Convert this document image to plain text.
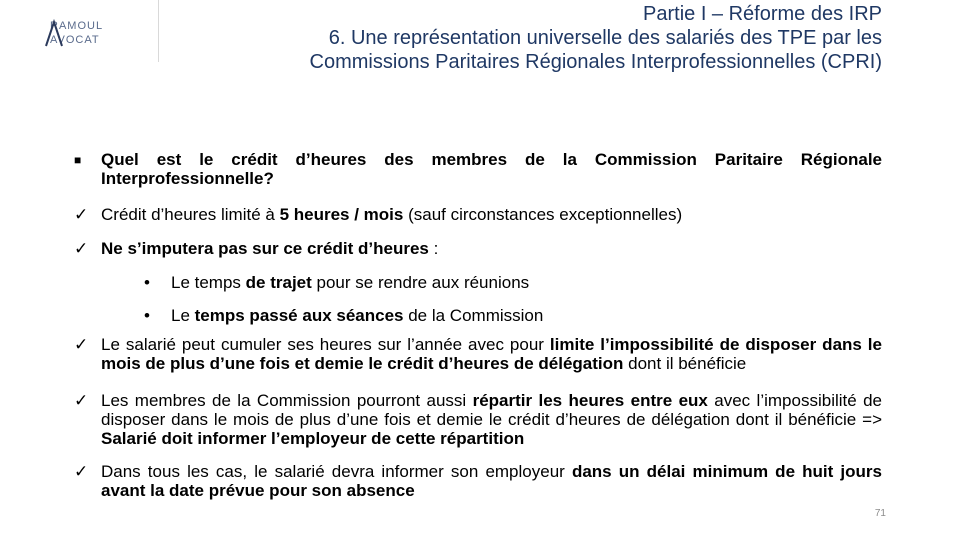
RAMOUL
AVOCAT
Partie I – Réforme des IRP
6. Une représentation universelle des salariés des TPE par les
Commissions Paritaires Régionales Interprofessionnelles (CPRI)
■	Quel est le crédit d’heures des membres de la Commission Paritaire Régionale Interprofessionnelle?
✓ Crédit d’heures limité à 5 heures / mois (sauf circonstances exceptionnelles)
✓ Ne s’imputera pas sur ce crédit d’heures :
•	Le temps de trajet pour se rendre aux réunions
•	Le temps passé aux séances de la Commission
✓ Le salarié peut cumuler ses heures sur l’année avec pour limite l’impossibilité de disposer dans le mois de plus d’une fois et demie le crédit d’heures de délégation dont il bénéficie
✓ Les membres de la Commission pourront aussi répartir les heures entre eux avec l’impossibilité de disposer dans le mois de plus d’une fois et demie le crédit d’heures de délégation dont il bénéficie => Salarié doit informer l’employeur de cette répartition
✓ Dans tous les cas, le salarié devra informer son employeur dans un délai minimum de huit jours avant la date prévue pour son absence
71
